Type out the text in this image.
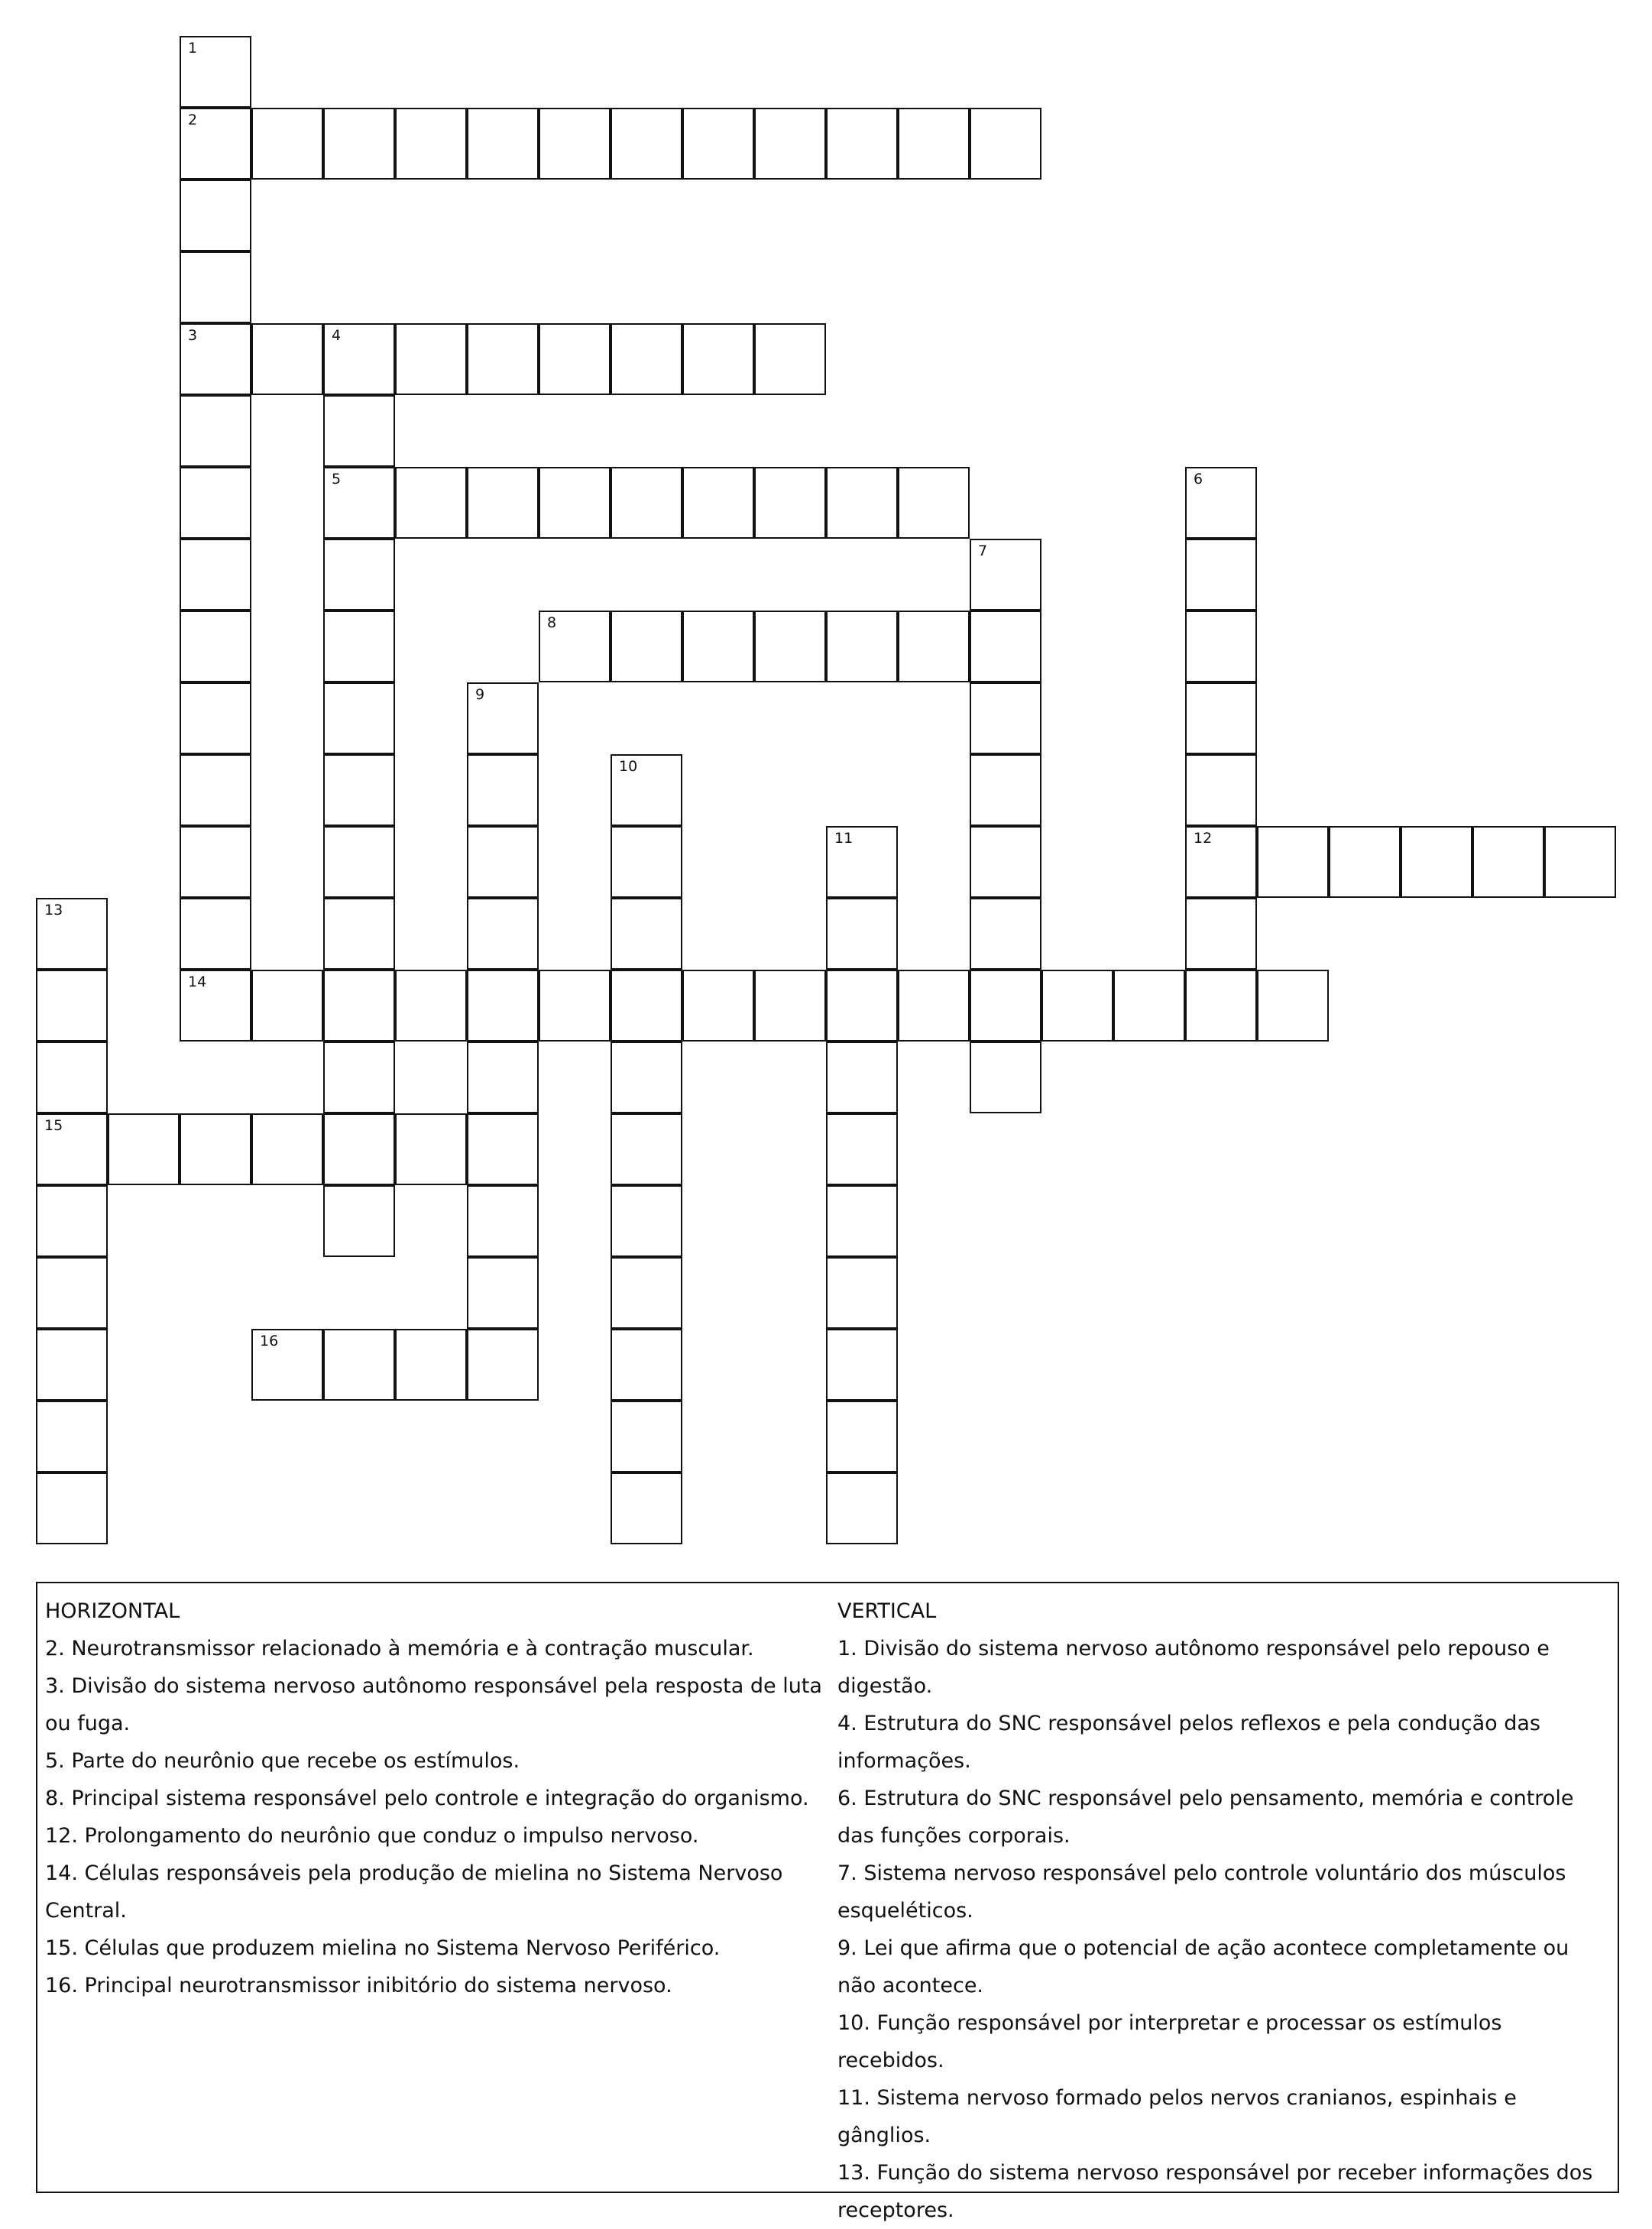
1
2
3
14
4
5	6
12
7
8
9
10
11
13
15
16

HORIZONTAL

2. Neurotransmissor relacionado à memória e à contração muscular.

3. Divisão do sistema nervoso autônomo responsável pela resposta de luta ou fuga.

5. Parte do neurônio que recebe os estímulos.

8. Principal sistema responsável pelo controle e integração do organismo.

12. Prolongamento do neurônio que conduz o impulso nervoso.

14. Células responsáveis pela produção de mielina no Sistema Nervoso Central.

15. Células que produzem mielina no Sistema Nervoso Periférico.

16. Principal neurotransmissor inibitório do sistema nervoso.

VERTICAL

1. Divisão do sistema nervoso autônomo responsável pelo repouso e digestão.

4. Estrutura do SNC responsável pelos reflexos e pela condução das informações.

6. Estrutura do SNC responsável pelo pensamento, memória e controle das funções corporais.

7. Sistema nervoso responsável pelo controle voluntário dos músculos esqueléticos.

9. Lei que afirma que o potencial de ação acontece completamente ou não acontece.

10. Função responsável por interpretar e processar os estímulos recebidos.

11. Sistema nervoso formado pelos nervos cranianos, espinhais e gânglios.

13. Função do sistema nervoso responsável por receber informações dos receptores.
